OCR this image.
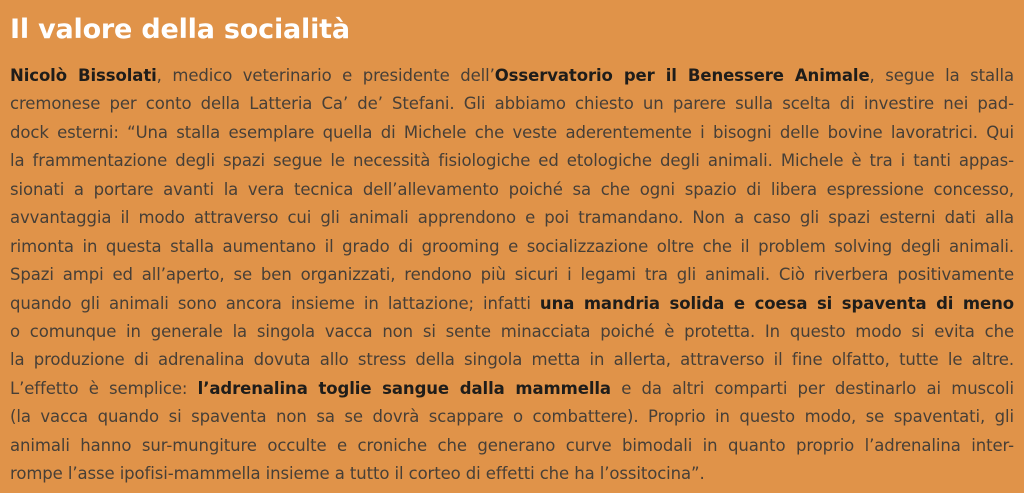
Il valore della socialità
Nicolò Bissolati, medico veterinario e presidente dell’Osservatorio per il Benessere Animale, segue la stalla
cremonese per conto della Latteria Ca’ de’ Stefani. Gli abbiamo chiesto un parere sulla scelta di investire nei pad-
dock esterni: “Una stalla esemplare quella di Michele che veste aderentemente i bisogni delle bovine lavoratrici. Qui
la frammentazione degli spazi segue le necessità fisiologiche ed etologiche degli animali. Michele è tra i tanti appas-
sionati a portare avanti la vera tecnica dell’allevamento poiché sa che ogni spazio di libera espressione concesso,
avvantaggia il modo attraverso cui gli animali apprendono e poi tramandano. Non a caso gli spazi esterni dati alla
rimonta in questa stalla aumentano il grado di grooming e socializzazione oltre che il problem solving degli animali.
Spazi ampi ed all’aperto, se ben organizzati, rendono più sicuri i legami tra gli animali. Ciò riverbera positivamente
quando gli animali sono ancora insieme in lattazione; infatti una mandria solida e coesa si spaventa di meno
o comunque in generale la singola vacca non si sente minacciata poiché è protetta. In questo modo si evita che
la produzione di adrenalina dovuta allo stress della singola metta in allerta, attraverso il fine olfatto, tutte le altre.
L’effetto è semplice: l’adrenalina toglie sangue dalla mammella e da altri comparti per destinarlo ai muscoli
(la vacca quando si spaventa non sa se dovrà scappare o combattere). Proprio in questo modo, se spaventati, gli
animali hanno sur-mungiture occulte e croniche che generano curve bimodali in quanto proprio l’adrenalina inter-
rompe l’asse ipofisi-mammella insieme a tutto il corteo di effetti che ha l’ossitocina”.
